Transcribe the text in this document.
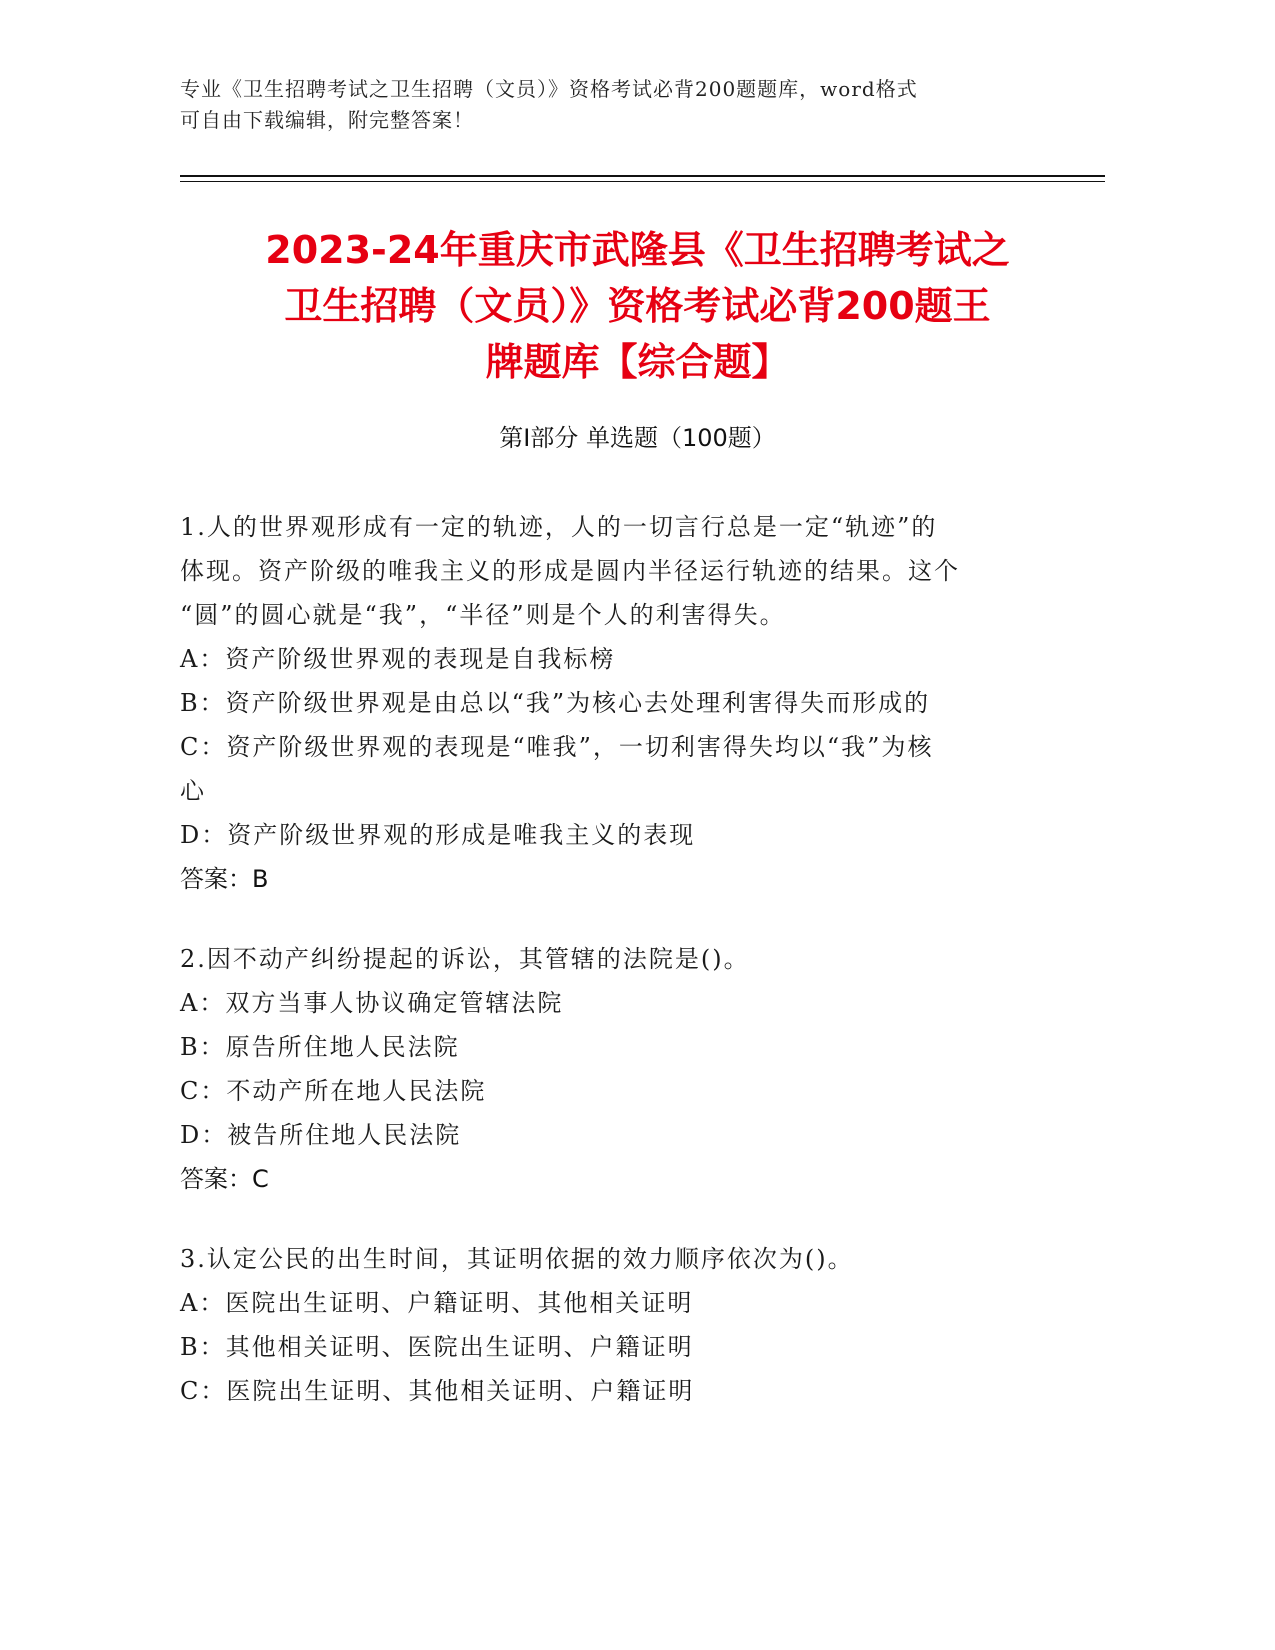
专业《卫生招聘考试之卫生招聘（文员）》资格考试必背200题题库，word格式
可自由下载编辑，附完整答案！
2023-24年重庆市武隆县《卫生招聘考试之
卫生招聘（文员）》资格考试必背200题王
牌题库【综合题】
第Ⅰ部分 单选题（100题）
1.人的世界观形成有一定的轨迹，人的一切言行总是一定“轨迹”的
体现。资产阶级的唯我主义的形成是圆内半径运行轨迹的结果。这个
“圆”的圆心就是“我”，“半径”则是个人的利害得失。
A：资产阶级世界观的表现是自我标榜
B：资产阶级世界观是由总以“我”为核心去处理利害得失而形成的
C：资产阶级世界观的表现是“唯我”，一切利害得失均以“我”为核
心
D：资产阶级世界观的形成是唯我主义的表现
答案：B
2.因不动产纠纷提起的诉讼，其管辖的法院是()。
A：双方当事人协议确定管辖法院
B：原告所住地人民法院
C：不动产所在地人民法院
D：被告所住地人民法院
答案：C
3.认定公民的出生时间，其证明依据的效力顺序依次为()。
A：医院出生证明、户籍证明、其他相关证明
B：其他相关证明、医院出生证明、户籍证明
C：医院出生证明、其他相关证明、户籍证明
